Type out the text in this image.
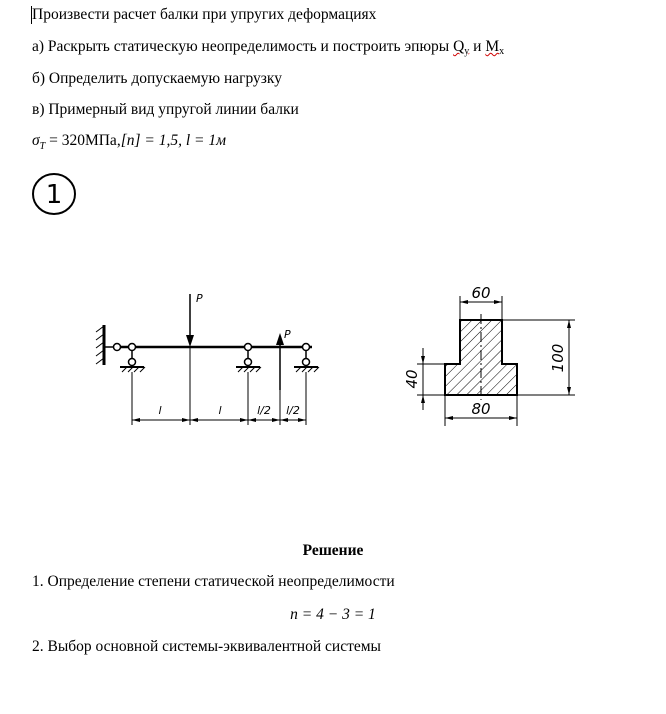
Произвести расчет балки при упругих деформациях
а) Раскрыть статическую неопределимость и построить эпюры $Q_y$ и $M_x$
б) Определить допускаемую нагрузку
в) Примерный вид упругой линии балки
$\sigma_T = 320МПа,[n] = 1,5$, l = 1м
1
P
P
l	l	l/2 l/2
60
100
40
80
Решение
1. Определение степени статической неопределимости
n = 4 − 3 = 1
2. Выбор основной системы-эквивалентной системы
